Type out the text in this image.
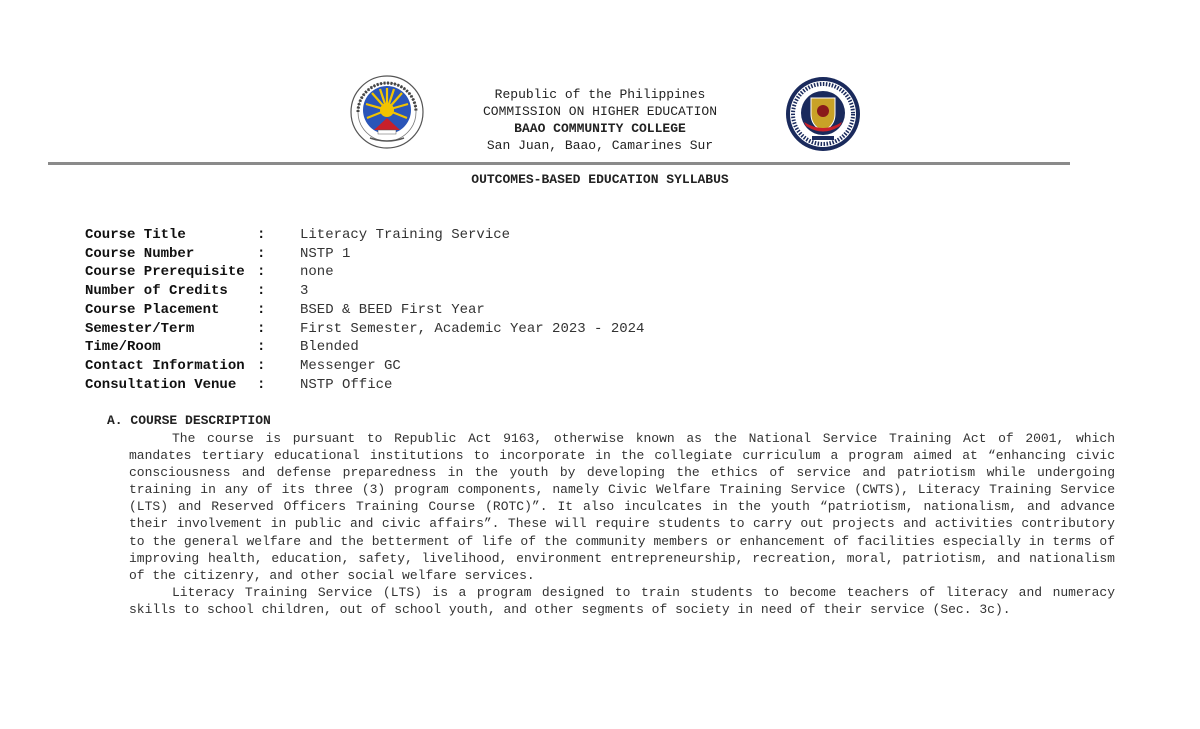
Republic of the Philippines
COMMISSION ON HIGHER EDUCATION
BAAO COMMUNITY COLLEGE
San Juan, Baao, Camarines Sur
OUTCOMES-BASED EDUCATION SYLLABUS
Course Title	:	Literacy Training Service
Course Number	:	NSTP 1
Course Prerequisite :	none
Number of Credits	:	3
Course Placement	:	BSED & BEED First Year
Semester/Term	:	First Semester, Academic Year 2023 - 2024
Time/Room	:	Blended
Contact Information :	Messenger GC
Consultation Venue	:	NSTP Office
A. COURSE DESCRIPTION

The course is pursuant to Republic Act 9163, otherwise known as the National Service Training Act of 2001, which mandates tertiary educational institutions to incorporate in the collegiate curriculum a program aimed at “enhancing civic consciousness and defense preparedness in the youth by developing the ethics of service and patriotism while undergoing training in any of its three (3) program components, namely Civic Welfare Training Service (CWTS), Literacy Training Service (LTS) and Reserved Officers Training Course (ROTC)”. It also inculcates in the youth “patriotism, nationalism, and advance their involvement in public and civic affairs”. These will require students to carry out projects and activities contributory to the general welfare and the betterment of life of the community members or enhancement of facilities especially in terms of improving health, education, safety, livelihood, environment entrepreneurship, recreation, moral, patriotism, and nationalism of the citizenry, and other social welfare services.

Literacy Training Service (LTS) is a program designed to train students to become teachers of literacy and numeracy skills to school children, out of school youth, and other segments of society in need of their service (Sec. 3c).
